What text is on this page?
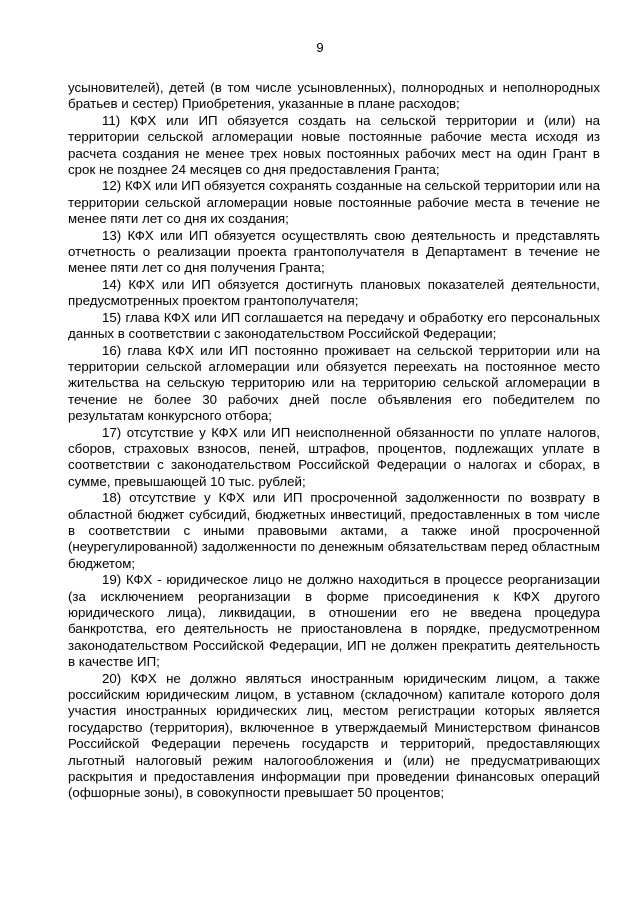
9

усыновителей), детей (в том числе усыновленных), полнородных и неполнородных братьев и сестер) Приобретения, указанные в плане расходов;

11) КФХ или ИП обязуется создать на сельской территории и (или) на территории сельской агломерации новые постоянные рабочие места исходя из расчета создания не менее трех новых постоянных рабочих мест на один Грант в срок не позднее 24 месяцев со дня предоставления Гранта;

12) КФХ или ИП обязуется сохранять созданные на сельской территории или на территории сельской агломерации новые постоянные рабочие места в течение не менее пяти лет со дня их создания;

13) КФХ или ИП обязуется осуществлять свою деятельность и представлять отчетность о реализации проекта грантополучателя в Департамент в течение не менее пяти лет со дня получения Гранта;

14) КФХ или ИП обязуется достигнуть плановых показателей деятельности, предусмотренных проектом грантополучателя;

15) глава КФХ или ИП соглашается на передачу и обработку его персональных данных в соответствии с законодательством Российской Федерации;

16) глава КФХ или ИП постоянно проживает на сельской территории или на территории сельской агломерации или обязуется переехать на постоянное место жительства на сельскую территорию или на территорию сельской агломерации в течение не более 30 рабочих дней после объявления его победителем по результатам конкурсного отбора;

17) отсутствие у КФХ или ИП неисполненной обязанности по уплате налогов, сборов, страховых взносов, пеней, штрафов, процентов, подлежащих уплате в соответствии с законодательством Российской Федерации о налогах и сборах, в сумме, превышающей 10 тыс. рублей;

18) отсутствие у КФХ или ИП просроченной задолженности по возврату в областной бюджет субсидий, бюджетных инвестиций, предоставленных в том числе в соответствии с иными правовыми актами, а также иной просроченной (неурегулированной) задолженности по денежным обязательствам перед областным бюджетом;

19) КФХ - юридическое лицо не должно находиться в процессе реорганизации (за исключением реорганизации в форме присоединения к КФХ другого юридического лица), ликвидации, в отношении его не введена процедура банкротства, его деятельность не приостановлена в порядке, предусмотренном законодательством Российской Федерации, ИП не должен прекратить деятельность в качестве ИП;

20) КФХ не должно являться иностранным юридическим лицом, а также российским юридическим лицом, в уставном (складочном) капитале которого доля участия иностранных юридических лиц, местом регистрации которых является государство (территория), включенное в утверждаемый Министерством финансов Российской Федерации перечень государств и территорий, предоставляющих льготный налоговый режим налогообложения и (или) не предусматривающих раскрытия и предоставления информации при проведении финансовых операций (офшорные зоны), в совокупности превышает 50 процентов;
